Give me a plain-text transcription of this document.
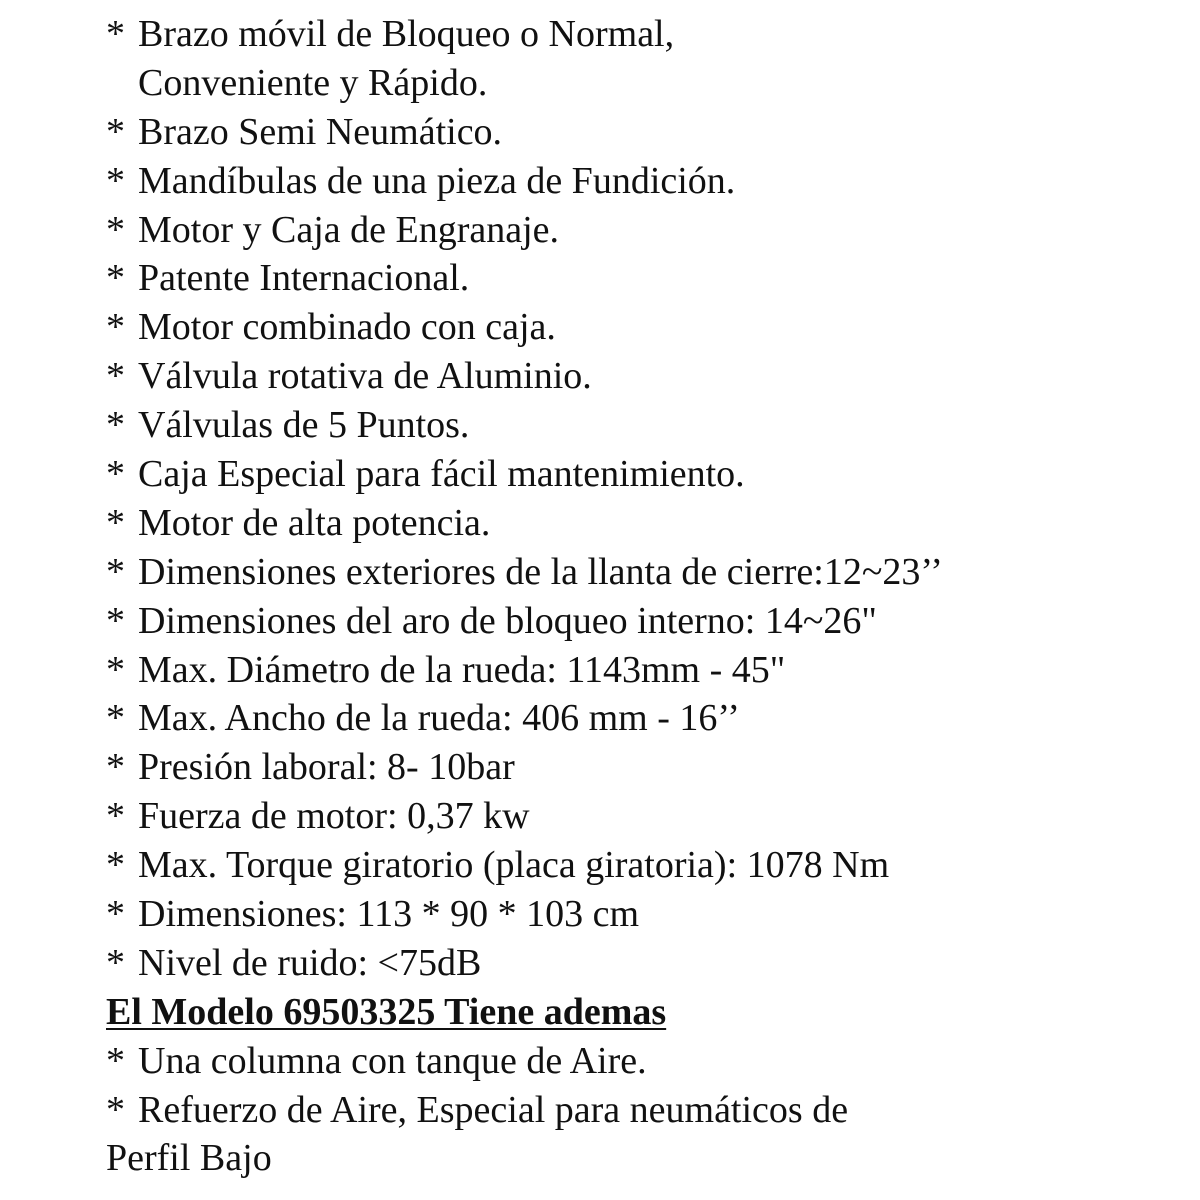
* Brazo móvil de Bloqueo o Normal,
Conveniente y Rápido.
* Brazo Semi Neumático.
* Mandíbulas de una pieza de Fundición.
* Motor y Caja de Engranaje.
* Patente Internacional.
* Motor combinado con caja.
* Válvula rotativa de Aluminio.
* Válvulas de 5 Puntos.
* Caja Especial para fácil mantenimiento.
* Motor de alta potencia.
* Dimensiones exteriores de la llanta de cierre:12~23’’
* Dimensiones del aro de bloqueo interno: 14~26"
* Max. Diámetro de la rueda: 1143mm - 45"
* Max. Ancho de la rueda: 406 mm - 16’’
* Presión laboral: 8- 10bar
* Fuerza de motor: 0,37 kw
* Max. Torque giratorio (placa giratoria): 1078 Nm
* Dimensiones: 113 * 90 * 103 cm
* Nivel de ruido: <75dB
El Modelo 69503325 Tiene ademas
* Una columna con tanque de Aire.
* Refuerzo de Aire, Especial para neumáticos de
Perfil Bajo
